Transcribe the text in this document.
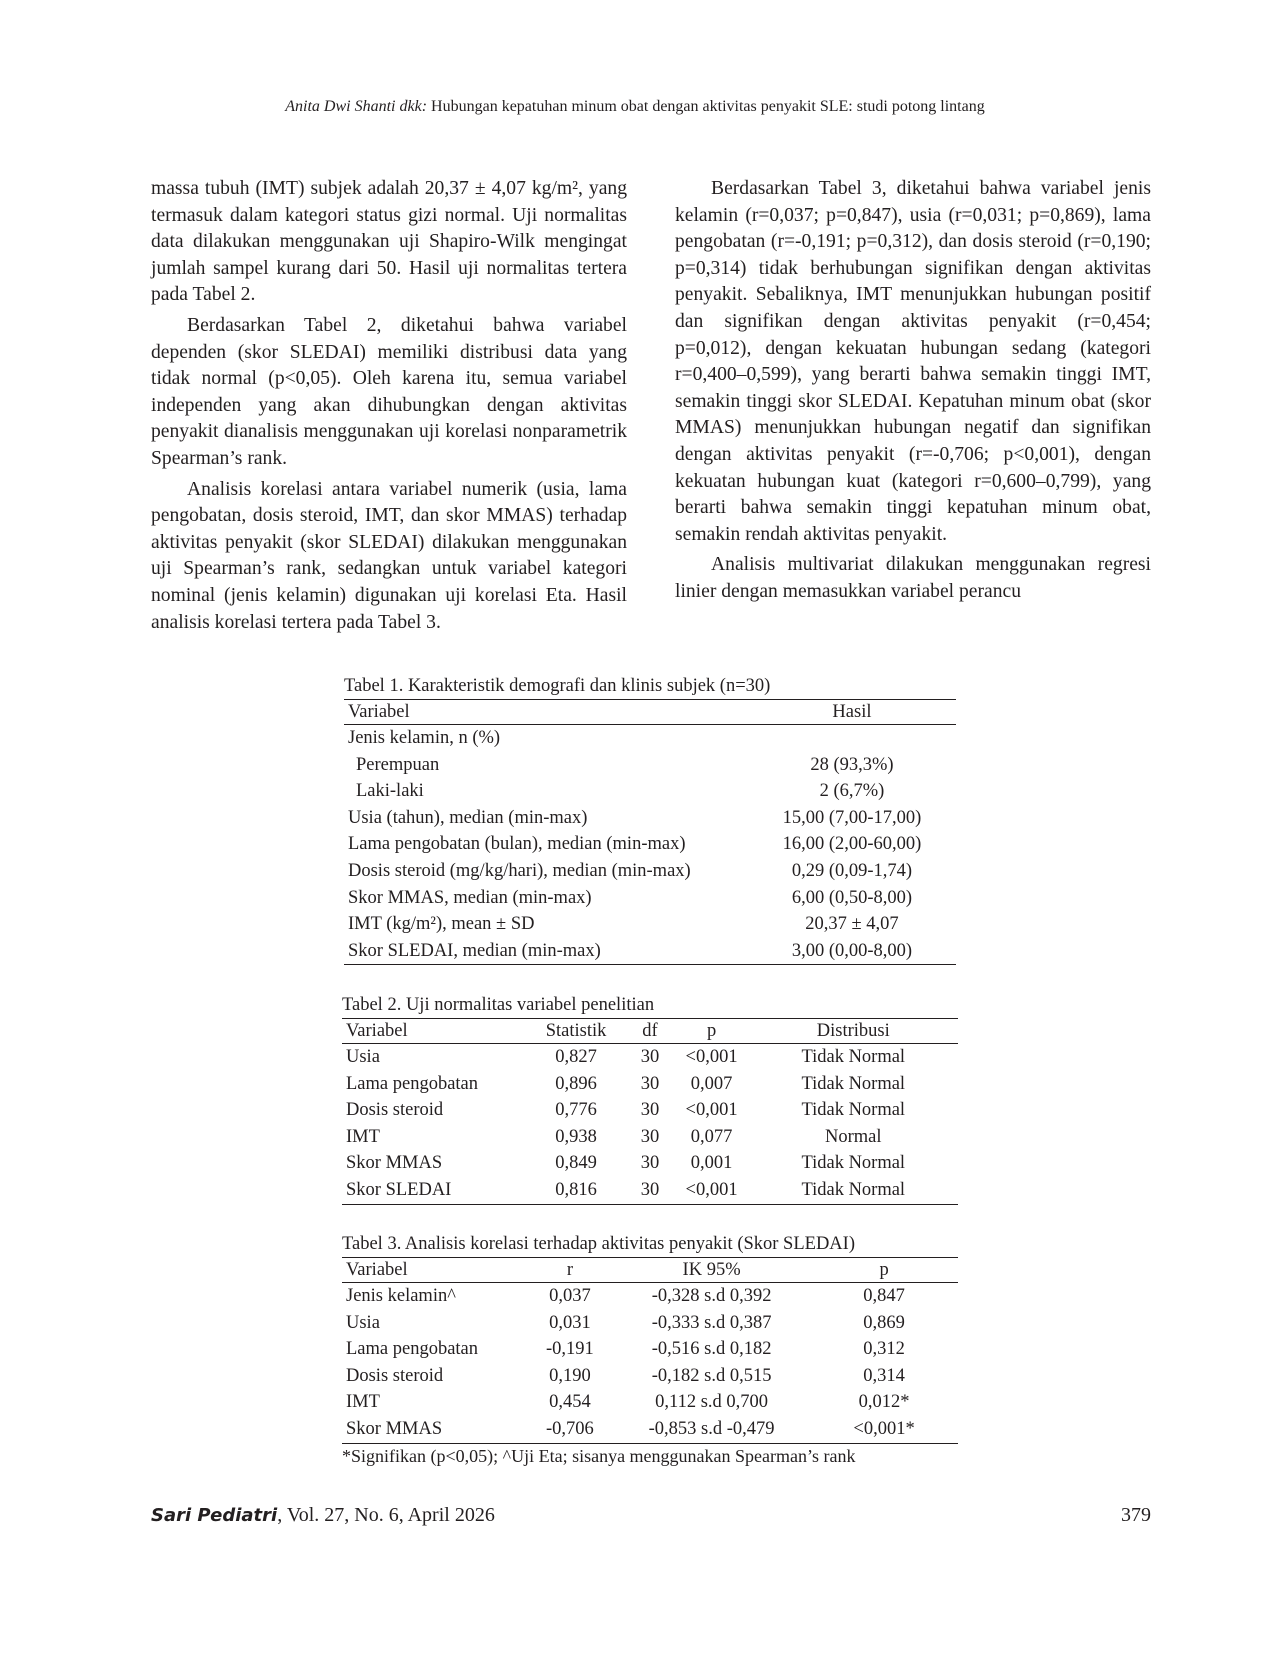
Anita Dwi Shanti dkk: Hubungan kepatuhan minum obat dengan aktivitas penyakit SLE: studi potong lintang

massa tubuh (IMT) subjek adalah 20,37 ± 4,07 kg/m², yang termasuk dalam kategori status gizi normal. Uji normalitas data dilakukan menggunakan uji Shapiro-Wilk mengingat jumlah sampel kurang dari 50. Hasil uji normalitas tertera pada Tabel 2.

Berdasarkan Tabel 2, diketahui bahwa variabel dependen (skor SLEDAI) memiliki distribusi data yang tidak normal (p<0,05). Oleh karena itu, semua variabel independen yang akan dihubungkan dengan aktivitas penyakit dianalisis menggunakan uji korelasi nonparametrik Spearman’s rank.

Analisis korelasi antara variabel numerik (usia, lama pengobatan, dosis steroid, IMT, dan skor MMAS) terhadap aktivitas penyakit (skor SLEDAI) dilakukan menggunakan uji Spearman’s rank, sedangkan untuk variabel kategori nominal (jenis kelamin) digunakan uji korelasi Eta. Hasil analisis korelasi tertera pada Tabel 3.

Berdasarkan Tabel 3, diketahui bahwa variabel jenis kelamin (r=0,037; p=0,847), usia (r=0,031; p=0,869), lama pengobatan (r=-0,191; p=0,312), dan dosis steroid (r=0,190; p=0,314) tidak berhubungan signifikan dengan aktivitas penyakit. Sebaliknya, IMT menunjukkan hubungan positif dan signifikan dengan aktivitas penyakit (r=0,454; p=0,012), dengan kekuatan hubungan sedang (kategori r=0,400–0,599), yang berarti bahwa semakin tinggi IMT, semakin tinggi skor SLEDAI. Kepatuhan minum obat (skor MMAS) menunjukkan hubungan negatif dan signifikan dengan aktivitas penyakit (r=-0,706; p<0,001), dengan kekuatan hubungan kuat (kategori r=0,600–0,799), yang berarti bahwa semakin tinggi kepatuhan minum obat, semakin rendah aktivitas penyakit.

Analisis multivariat dilakukan menggunakan regresi linier dengan memasukkan variabel perancu

Tabel 1. Karakteristik demografi dan klinis subjek (n=30)

Variabel	Hasil
Jenis kelamin, n (%)	
Perempuan	28 (93,3%)
Laki-laki	2 (6,7%)
Usia (tahun), median (min-max)	15,00 (7,00-17,00)
Lama pengobatan (bulan), median (min-max)	16,00 (2,00-60,00)
Dosis steroid (mg/kg/hari), median (min-max)	0,29 (0,09-1,74)
Skor MMAS, median (min-max)	6,00 (0,50-8,00)
IMT (kg/m²), mean ± SD	20,37 ± 4,07
Skor SLEDAI, median (min-max)	3,00 (0,00-8,00)

Tabel 2. Uji normalitas variabel penelitian

Variabel	Statistik	df	p	Distribusi
Usia	0,827	30	<0,001	Tidak Normal
Lama pengobatan	0,896	30	0,007	Tidak Normal
Dosis steroid	0,776	30	<0,001	Tidak Normal
IMT	0,938	30	0,077	Normal
Skor MMAS	0,849	30	0,001	Tidak Normal
Skor SLEDAI	0,816	30	<0,001	Tidak Normal

Tabel 3. Analisis korelasi terhadap aktivitas penyakit (Skor SLEDAI)

Variabel	r	IK 95%	p
Jenis kelamin^	0,037	-0,328 s.d 0,392	0,847
Usia	0,031	-0,333 s.d 0,387	0,869
Lama pengobatan	-0,191	-0,516 s.d 0,182	0,312
Dosis steroid	0,190	-0,182 s.d 0,515	0,314
IMT	0,454	0,112 s.d 0,700	0,012*
Skor MMAS	-0,706	-0,853 s.d -0,479	<0,001*

*Signifikan (p<0,05); ^Uji Eta; sisanya menggunakan Spearman’s rank

Sari Pediatri, Vol. 27, No. 6, April 2026	379
